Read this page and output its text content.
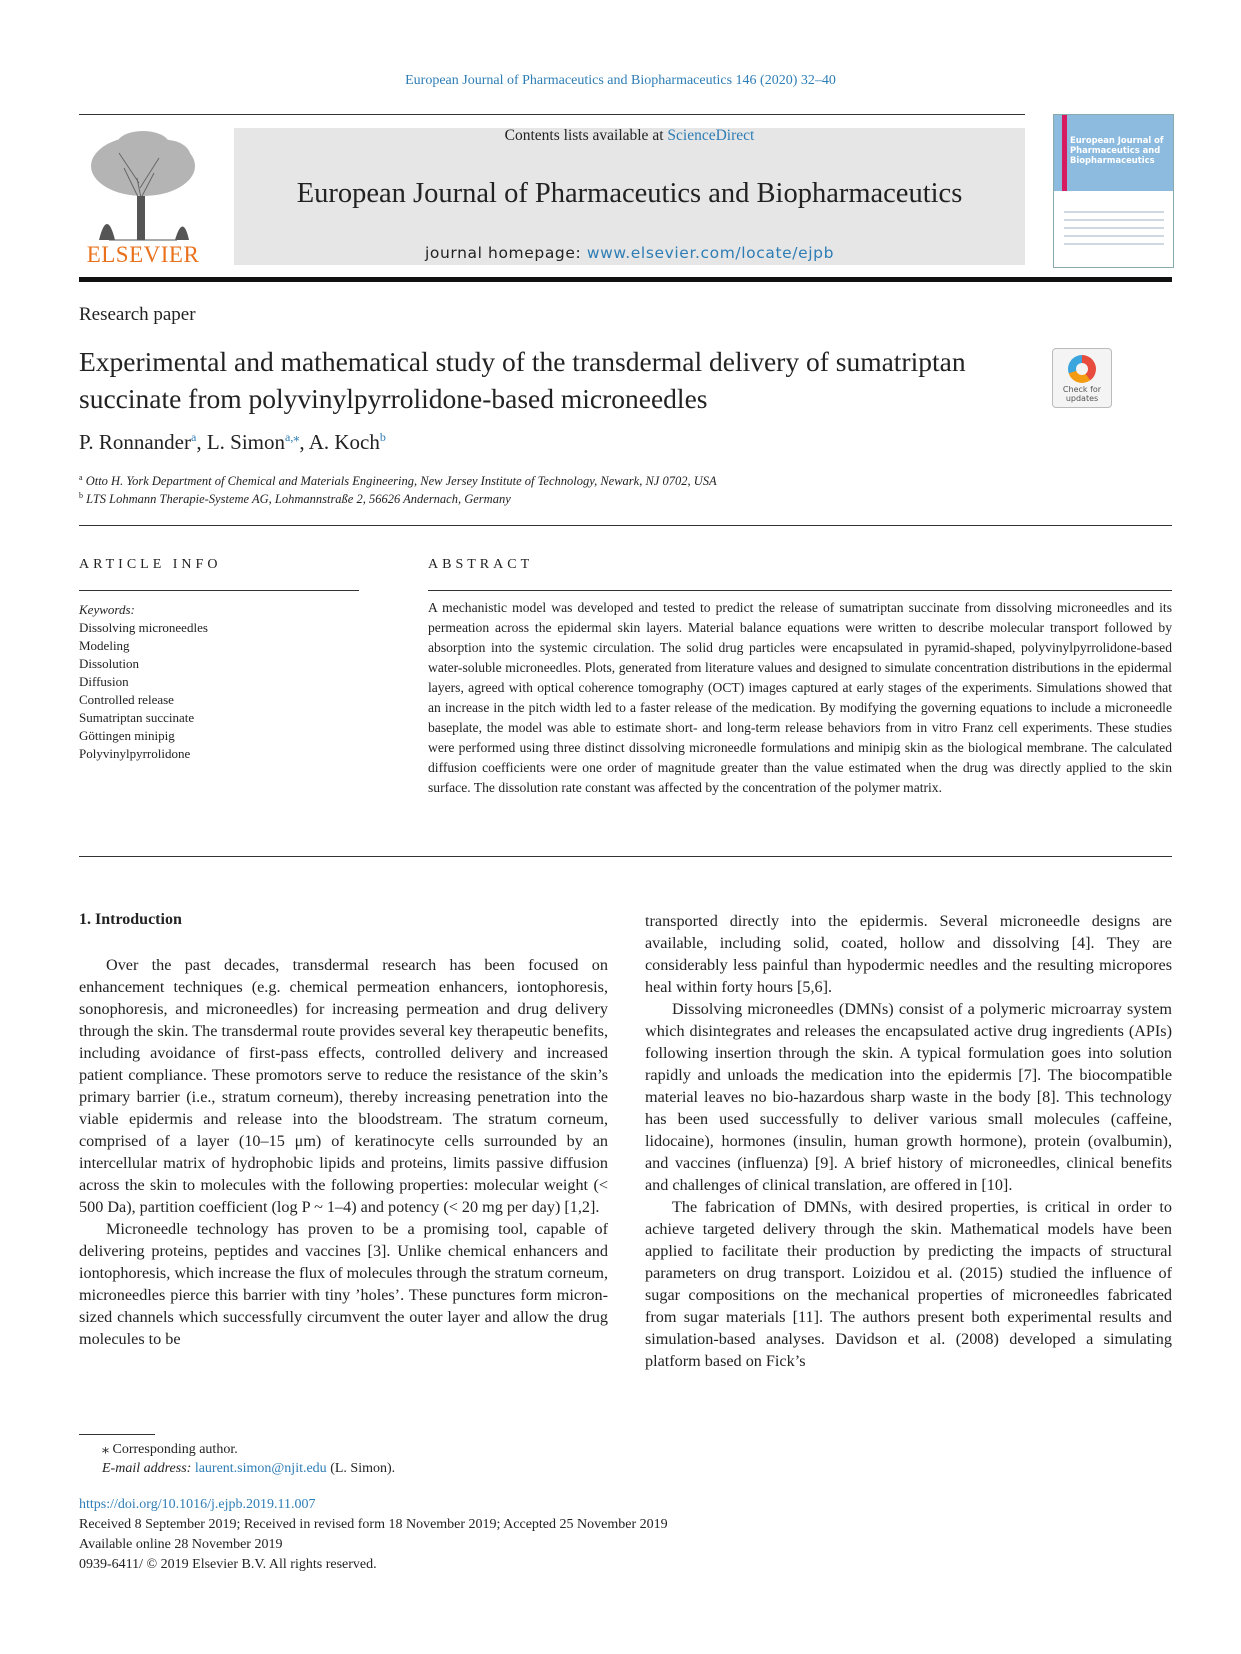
European Journal of Pharmaceutics and Biopharmaceutics 146 (2020) 32–40
ELSEVIER
Contents lists available at ScienceDirect
European Journal of Pharmaceutics and Biopharmaceutics
journal homepage: www.elsevier.com/locate/ejpb
European Journal of Pharmaceutics and Biopharmaceutics
Research paper
Experimental and mathematical study of the transdermal delivery of sumatriptan succinate from polyvinylpyrrolidone-based microneedles	Check for updates
P. Ronnander$^a$, L. Simon$^{a,⁎}$, A. Koch$^b$
$^a$ Otto H. York Department of Chemical and Materials Engineering, New Jersey Institute of Technology, Newark, NJ 0702, USA
$^b$ LTS Lohmann Therapie-Systeme AG, Lohmannstraße 2, 56626 Andernach, Germany
ARTICLE INFO	ABSTRACT
Keywords:
Dissolving microneedles
Modeling
Dissolution
Diffusion
Controlled release
Sumatriptan succinate
Göttingen minipig
Polyvinylpyrrolidone
A mechanistic model was developed and tested to predict the release of sumatriptan succinate from dissolving microneedles and its permeation across the epidermal skin layers. Material balance equations were written to describe molecular transport followed by absorption into the systemic circulation. The solid drug particles were encapsulated in pyramid-shaped, polyvinylpyrrolidone-based water-soluble microneedles. Plots, generated from literature values and designed to simulate concentration distributions in the epidermal layers, agreed with optical coherence tomography (OCT) images captured at early stages of the experiments. Simulations showed that an increase in the pitch width led to a faster release of the medication. By modifying the governing equations to include a microneedle baseplate, the model was able to estimate short- and long-term release behaviors from in vitro Franz cell experiments. These studies were performed using three distinct dissolving microneedle formulations and minipig skin as the biological membrane. The calculated diffusion coefficients were one order of magnitude greater than the value estimated when the drug was directly applied to the skin surface. The dissolution rate constant was affected by the concentration of the polymer matrix.
1. Introduction

Over the past decades, transdermal research has been focused on enhancement techniques (e.g. chemical permeation enhancers, iontophoresis, sonophoresis, and microneedles) for increasing permeation and drug delivery through the skin. The transdermal route provides several key therapeutic benefits, including avoidance of first-pass effects, controlled delivery and increased patient compliance. These promotors serve to reduce the resistance of the skin’s primary barrier (i.e., stratum corneum), thereby increasing penetration into the viable epidermis and release into the bloodstream. The stratum corneum, comprised of a layer (10–15 μm) of keratinocyte cells surrounded by an intercellular matrix of hydrophobic lipids and proteins, limits passive diffusion across the skin to molecules with the following properties: molecular weight (< 500 Da), partition coefficient (log P ~ 1–4) and potency (< 20 mg per day) [1,2].

Microneedle technology has proven to be a promising tool, capable of delivering proteins, peptides and vaccines [3]. Unlike chemical enhancers and iontophoresis, which increase the flux of molecules through the stratum corneum, microneedles pierce this barrier with tiny ’holes’. These punctures form micron-sized channels which successfully circumvent the outer layer and allow the drug molecules to be

transported directly into the epidermis. Several microneedle designs are available, including solid, coated, hollow and dissolving [4]. They are considerably less painful than hypodermic needles and the resulting micropores heal within forty hours [5,6].

Dissolving microneedles (DMNs) consist of a polymeric microarray system which disintegrates and releases the encapsulated active drug ingredients (APIs) following insertion through the skin. A typical formulation goes into solution rapidly and unloads the medication into the epidermis [7]. The biocompatible material leaves no bio-hazardous sharp waste in the body [8]. This technology has been used successfully to deliver various small molecules (caffeine, lidocaine), hormones (insulin, human growth hormone), protein (ovalbumin), and vaccines (influenza) [9]. A brief history of microneedles, clinical benefits and challenges of clinical translation, are offered in [10].

The fabrication of DMNs, with desired properties, is critical in order to achieve targeted delivery through the skin. Mathematical models have been applied to facilitate their production by predicting the impacts of structural parameters on drug transport. Loizidou et al. (2015) studied the influence of sugar compositions on the mechanical properties of microneedles fabricated from sugar materials [11]. The authors present both experimental results and simulation-based analyses. Davidson et al. (2008) developed a simulating platform based on Fick’s

⁎ Corresponding author.
E-mail address: laurent.simon@njit.edu (L. Simon).
https://doi.org/10.1016/j.ejpb.2019.11.007
Received 8 September 2019; Received in revised form 18 November 2019; Accepted 25 November 2019
Available online 28 November 2019
0939-6411/ © 2019 Elsevier B.V. All rights reserved.
